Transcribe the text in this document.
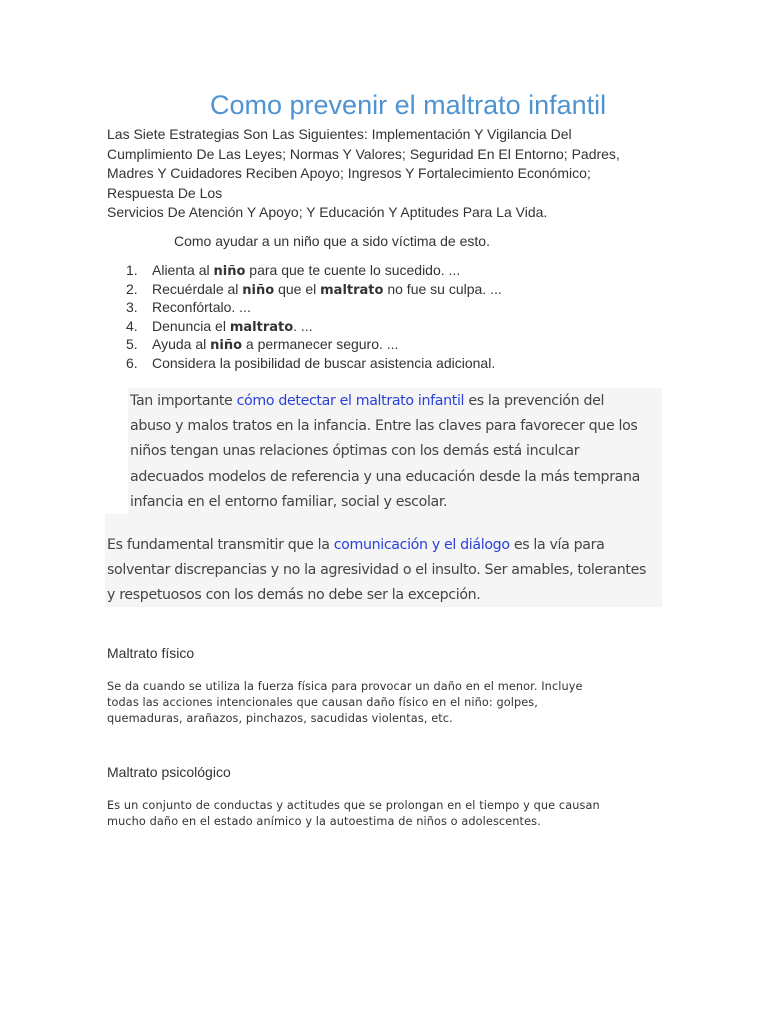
Como prevenir el maltrato infantil
Las Siete Estrategias Son Las Siguientes: Implementación Y Vigilancia Del
Cumplimiento De Las Leyes; Normas Y Valores; Seguridad En El Entorno; Padres,
Madres Y Cuidadores Reciben Apoyo; Ingresos Y Fortalecimiento Económico;
Respuesta De Los
Servicios De Atención Y Apoyo; Y Educación Y Aptitudes Para La Vida.
Como ayudar a un niño que a sido víctima de esto.
1.	Alienta al niño para que te cuente lo sucedido. ...
2.	Recuérdale al niño que el maltrato no fue su culpa. ...
3.	Reconfórtalo. ...
4.	Denuncia el maltrato. ...
5.	Ayuda al niño a permanecer seguro. ...
6.	Considera la posibilidad de buscar asistencia adicional.
Tan importante cómo detectar el maltrato infantil es la prevención del
abuso y malos tratos en la infancia. Entre las claves para favorecer que los
niños tengan unas relaciones óptimas con los demás está inculcar
adecuados modelos de referencia y una educación desde la más temprana
infancia en el entorno familiar, social y escolar.
Es fundamental transmitir que la comunicación y el diálogo es la vía para
solventar discrepancias y no la agresividad o el insulto. Ser amables, tolerantes
y respetuosos con los demás no debe ser la excepción.
Maltrato físico
Se da cuando se utiliza la fuerza física para provocar un daño en el menor. Incluye
todas las acciones intencionales que causan daño físico en el niño: golpes,
quemaduras, arañazos, pinchazos, sacudidas violentas, etc.
Maltrato psicológico
Es un conjunto de conductas y actitudes que se prolongan en el tiempo y que causan
mucho daño en el estado anímico y la autoestima de niños o adolescentes.
